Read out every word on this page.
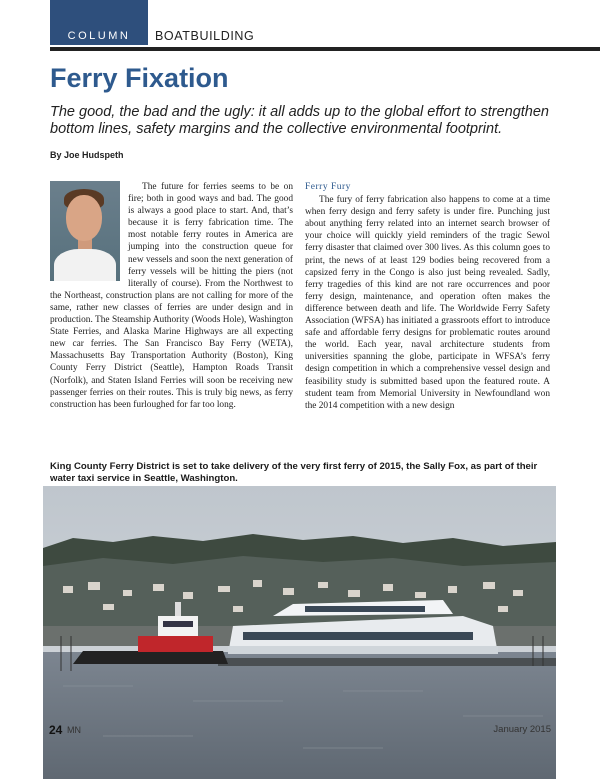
COLUMN	BOATBUILDING
Ferry Fixation

The good, the bad and the ugly: it all adds up to the global effort to strengthen bottom lines, safety margins and the collective environmental footprint.

By Joe Hudspeth

The future for ferries seems to be on fire; both in good ways and bad. The good is always a good place to start. And, that’s because it is ferry fabrication time. The most notable ferry routes in America are jumping into the construction queue for new vessels and soon the next generation of ferry vessels will be hitting the piers (not literally of course). From the Northwest to the Northeast, construction plans are not calling for more of the same, rather new classes of ferries are under design and in production. The Steamship Authority (Woods Hole), Washington State Ferries, and Alaska Marine Highways are all expecting new car ferries. The San Francisco Bay Ferry (WETA), Massachusetts Bay Transportation Authority (Boston), King County Ferry District (Seattle), Hampton Roads Transit (Norfolk), and Staten Island Ferries will soon be receiving new passenger ferries on their routes. This is truly big news, as ferry construction has been furloughed for far too long.

Ferry Fury

The fury of ferry fabrication also happens to come at a time when ferry design and ferry safety is under fire. Punching just about anything ferry related into an internet search browser of your choice will quickly yield reminders of the tragic Sewol ferry disaster that claimed over 300 lives. As this column goes to print, the news of at least 129 bodies being recovered from a capsized ferry in the Congo is also just being revealed. Sadly, ferry tragedies of this kind are not rare occurrences and poor ferry design, maintenance, and operation often makes the difference between death and life. The Worldwide Ferry Safety Association (WFSA) has initiated a grassroots effort to introduce safe and affordable ferry designs for problematic routes around the world. Each year, naval architecture students from universities spanning the globe, participate in WFSA’s ferry design competition in which a comprehensive vessel design and feasibility study is submitted based upon the featured route. A student team from Memorial University in Newfoundland won the 2014 competition with a new design

King County Ferry District is set to take delivery of the very first ferry of 2015, the Sally Fox, as part of their water taxi service in Seattle, Washington.

24 MN	January 2015
